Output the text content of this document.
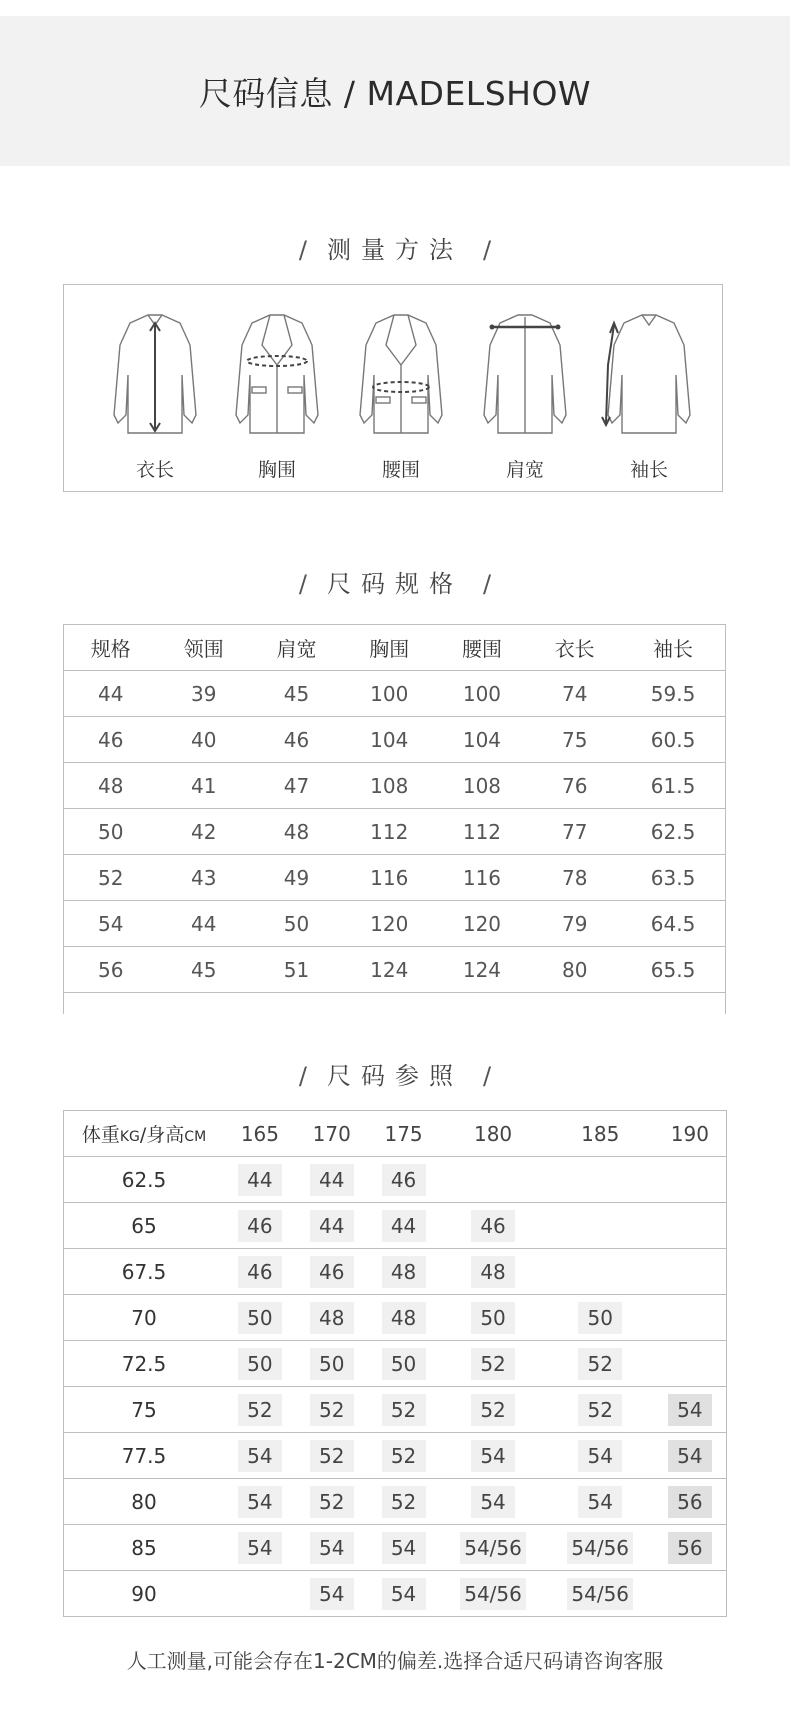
尺码信息 / MADELSHOW
/ 测量方法 /
衣长	胸围	腰围	肩宽	袖长
/ 尺码规格 /
规格	领围	肩宽	胸围	腰围	衣长	袖长
44	39	45	100	100	74	59.5
46	40	46	104	104	75	60.5
48	41	47	108	108	76	61.5
50	42	48	112	112	77	62.5
52	43	49	116	116	78	63.5
54	44	50	120	120	79	64.5
56	45	51	124	124	80	65.5

/ 尺码参照 /
体重KG/身高CM	165	170	175	180	185	190
62.5	44	44	46			
65	46	44	44	46		
67.5	46	46	48	48		
70	50	48	48	50	50	
72.5	50	50	50	52	52	
75	52	52	52	52	52	54
77.5	54	52	52	54	54	54
80	54	52	52	54	54	56
85	54	54	54	54/56	54/56	56
90		54	54	54/56	54/56	
人工测量,可能会存在1-2CM的偏差.选择合适尺码请咨询客服
